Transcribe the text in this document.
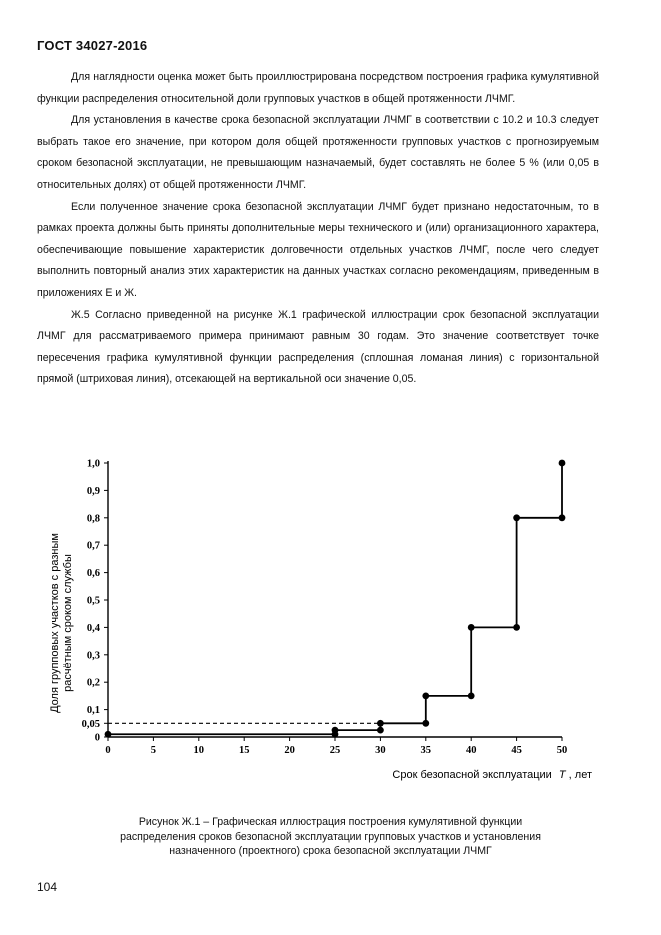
ГОСТ 34027-2016

Для наглядности оценка может быть проиллюстрирована посредством построения графика кумулятивной функции распределения относительной доли групповых участков в общей протяженности ЛЧМГ.

Для установления в качестве срока безопасной эксплуатации ЛЧМГ в соответствии с 10.2 и 10.3 следует выбрать такое его значение, при котором доля общей протяженности групповых участков с прогнозируемым сроком безопасной эксплуатации, не превышающим назначаемый, будет составлять не более 5 % (или 0,05 в относительных долях) от общей протяженности ЛЧМГ.

Если полученное значение срока безопасной эксплуатации ЛЧМГ будет признано недостаточным, то в рамках проекта должны быть приняты дополнительные меры технического и (или) организационного характера, обеспечивающие повышение характеристик долговечности отдельных участков ЛЧМГ, после чего следует выполнить повторный анализ этих характеристик на данных участках согласно рекомендациям, приведенным в приложениях Е и Ж.

Ж.5 Согласно приведенной на рисунке Ж.1 графической иллюстрации срок безопасной эксплуатации ЛЧМГ для рассматриваемого примера принимают равным 30 годам. Это значение соответствует точке пересечения графика кумулятивной функции распределения (сплошная ломаная линия) с горизонтальной прямой (штриховая линия), отсекающей на вертикальной оси значение 0,05.

Доля групповых участков с разным расчётным сроком службы
0
0,05
0,1
0,2
0,3
0,4
0,5
0,6
0,7
0,8
0,9
1,0
0	5	10	15	20	25	30	35	40	45	50
Срок безопасной эксплуатации T , лет
Рисунок Ж.1 – Графическая иллюстрация построения кумулятивной функции
распределения сроков безопасной эксплуатации групповых участков и установления
назначенного (проектного) срока безопасной эксплуатации ЛЧМГ
104
